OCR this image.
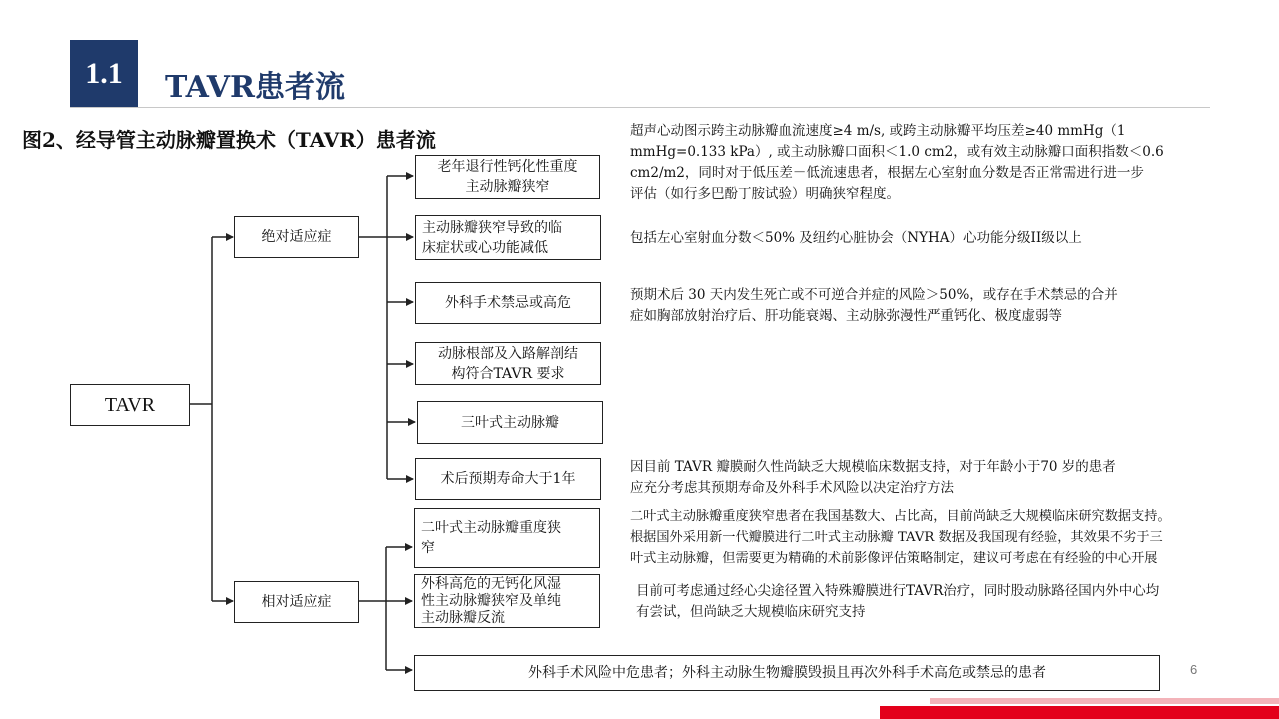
1.1	TAVR患者流
图2、经导管主动脉瓣置换术（TAVR）患者流
TAVR
绝对适应症
相对适应症
老年退行性钙化性重度
主动脉瓣狭窄
主动脉瓣狭窄导致的临
床症状或心功能减低
外科手术禁忌或高危
动脉根部及入路解剖结
构符合TAVR 要求
三叶式主动脉瓣
术后预期寿命大于1年
二叶式主动脉瓣重度狭
窄
外科高危的无钙化风湿
性主动脉瓣狭窄及单纯
主动脉瓣反流
外科手术风险中危患者；外科主动脉生物瓣膜毁损且再次外科手术高危或禁忌的患者
超声心动图示跨主动脉瓣血流速度≥4 m/s, 或跨主动脉瓣平均压差≥40 mmHg（1
mmHg=0.133 kPa）, 或主动脉瓣口面积＜1.0 cm2，或有效主动脉瓣口面积指数＜0.6
cm2/m2，同时对于低压差－低流速患者，根据左心室射血分数是否正常需进行进一步
评估（如行多巴酚丁胺试验）明确狭窄程度。
包括左心室射血分数＜50% 及纽约心脏协会（NYHA）心功能分级II级以上
预期术后 30 天内发生死亡或不可逆合并症的风险＞50%，或存在手术禁忌的合并
症如胸部放射治疗后、肝功能衰竭、主动脉弥漫性严重钙化、极度虚弱等
因目前 TAVR 瓣膜耐久性尚缺乏大规模临床数据支持，对于年龄小于70 岁的患者
应充分考虑其预期寿命及外科手术风险以决定治疗方法
二叶式主动脉瓣重度狭窄患者在我国基数大、占比高，目前尚缺乏大规模临床研究数据支持。
根据国外采用新一代瓣膜进行二叶式主动脉瓣 TAVR 数据及我国现有经验，其效果不劣于三
叶式主动脉瓣，但需要更为精确的术前影像评估策略制定，建议可考虑在有经验的中心开展
目前可考虑通过经心尖途径置入特殊瓣膜进行TAVR治疗，同时股动脉路径国内外中心均
有尝试，但尚缺乏大规模临床研究支持
6
